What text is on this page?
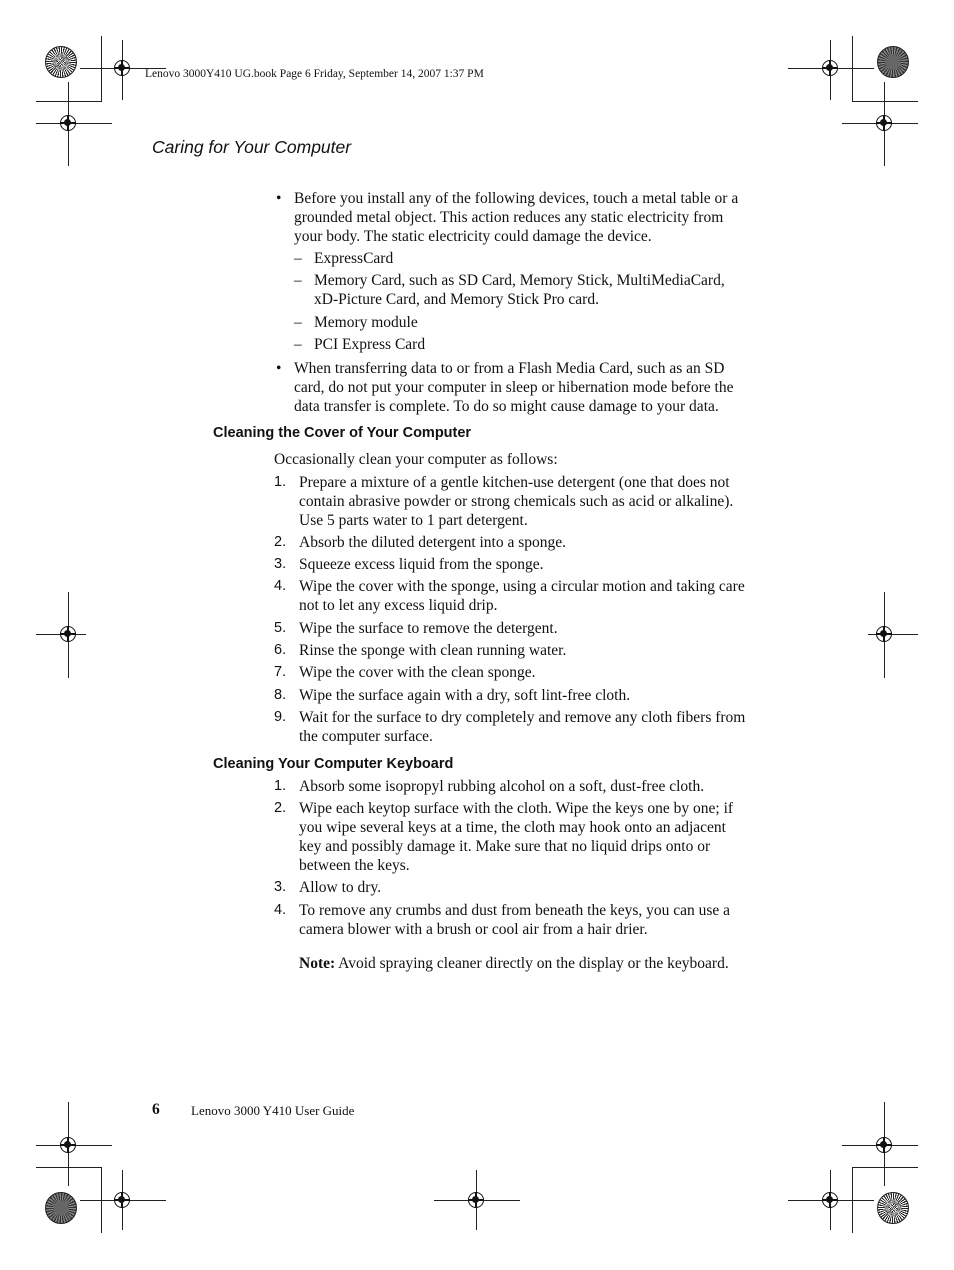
Lenovo 3000Y410 UG.book Page 6 Friday, September 14, 2007 1:37 PM
Caring for Your Computer
• Before you install any of the following devices, touch a metal table or a
grounded metal object. This action reduces any static electricity from
your body. The static electricity could damage the device.
– ExpressCard
– Memory Card, such as SD Card, Memory Stick, MultiMediaCard,
xD-Picture Card, and Memory Stick Pro card.
– Memory module
– PCI Express Card
• When transferring data to or from a Flash Media Card, such as an SD
card, do not put your computer in sleep or hibernation mode before the
data transfer is complete. To do so might cause damage to your data.
Cleaning the Cover of Your Computer
Occasionally clean your computer as follows:
1. Prepare a mixture of a gentle kitchen-use detergent (one that does not
contain abrasive powder or strong chemicals such as acid or alkaline).
Use 5 parts water to 1 part detergent.
2. Absorb the diluted detergent into a sponge.
3. Squeeze excess liquid from the sponge.
4. Wipe the cover with the sponge, using a circular motion and taking care
not to let any excess liquid drip.
5. Wipe the surface to remove the detergent.
6. Rinse the sponge with clean running water.
7. Wipe the cover with the clean sponge.
8. Wipe the surface again with a dry, soft lint-free cloth.
9. Wait for the surface to dry completely and remove any cloth fibers from
the computer surface.
Cleaning Your Computer Keyboard
1. Absorb some isopropyl rubbing alcohol on a soft, dust-free cloth.
2. Wipe each keytop surface with the cloth. Wipe the keys one by one; if
you wipe several keys at a time, the cloth may hook onto an adjacent
key and possibly damage it. Make sure that no liquid drips onto or
between the keys.
3. Allow to dry.
4. To remove any crumbs and dust from beneath the keys, you can use a
camera blower with a brush or cool air from a hair drier.
Note: Avoid spraying cleaner directly on the display or the keyboard.
6 Lenovo 3000 Y410 User Guide
